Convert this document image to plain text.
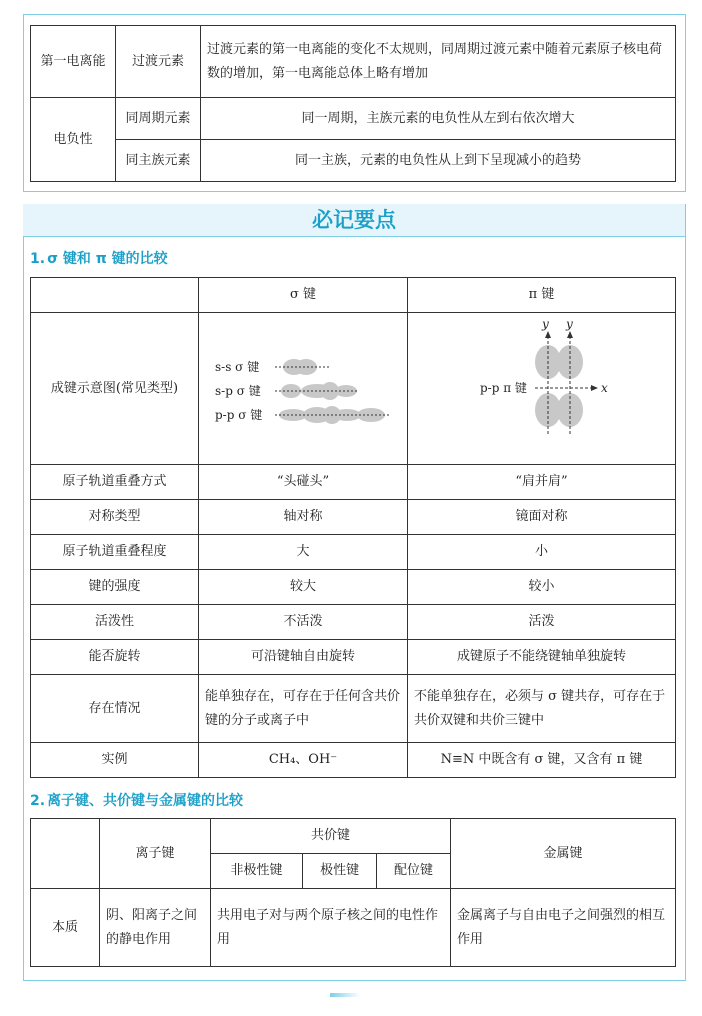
第一电离能	过渡元素	过渡元素的第一电离能的变化不太规则，同周期过渡元素中随着元素原子核电荷数的增加，第一电离能总体上略有增加
电负性	同周期元素	同一周期，主族元素的电负性从左到右依次增大
	同主族元素	同一主族，元素的电负性从上到下呈现减小的趋势
必记要点
1. σ 键和 π 键的比较
	σ 键	π 键
成键示意图(常见类型)	s-s σ 键
s-p σ 键
p-p σ 键	y y
x
p-p π 键

原子轨道重叠方式	“头碰头”	“肩并肩”
对称类型	轴对称	镜面对称
原子轨道重叠程度	大	小
键的强度	较大	较小
活泼性	不活泼	活泼
能否旋转	可沿键轴自由旋转	成键原子不能绕键轴单独旋转
存在情况	能单独存在，可存在于任何含共价键的分子或离子中	不能单独存在，必须与 σ 键共存，可存在于共价双键和共价三键中
实例	CH₄、OH⁻	N≡N 中既含有 σ 键，又含有 π 键
2. 离子键、共价键与金属键的比较
	离子键	共价键			金属键
		非极性键	极性键	配位键	
本质	阴、阳离子之间的静电作用	共用电子对与两个原子核之间的电性作用			金属离子与自由电子之间强烈的相互作用
